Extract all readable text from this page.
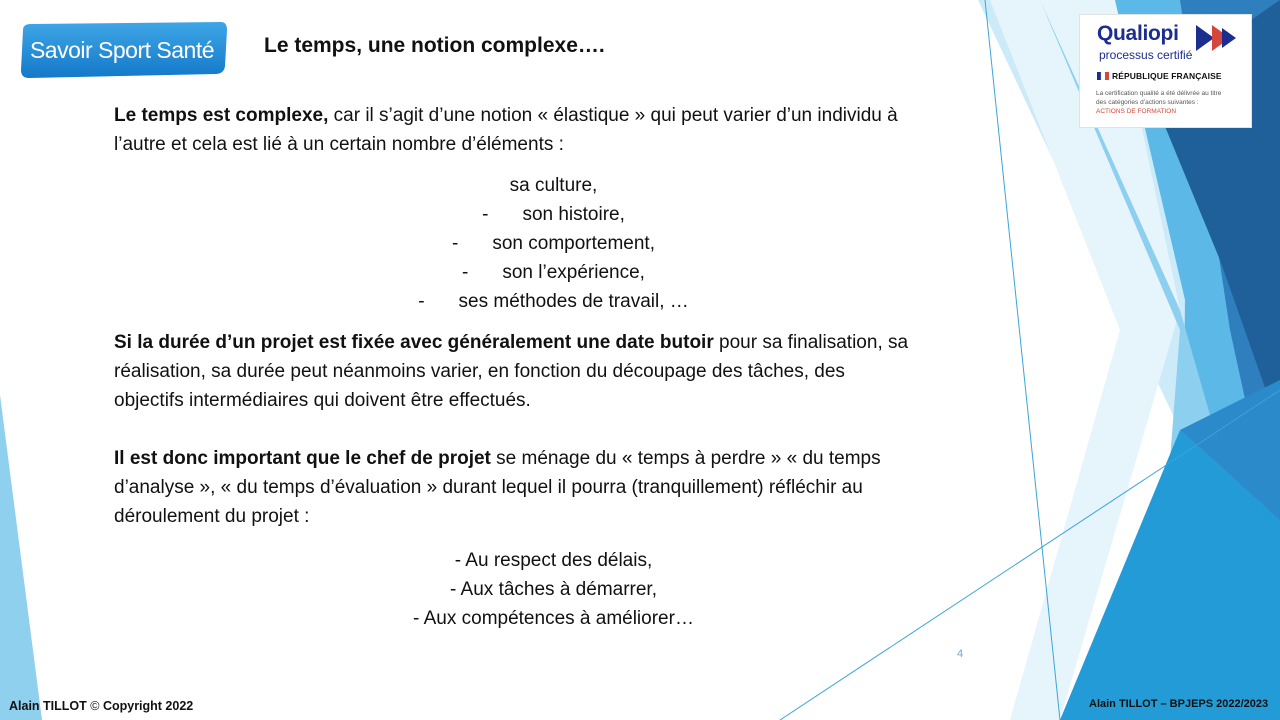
Savoir Sport Santé	Le temps, une notion complexe….
Qualiopi
processus certifié
RÉPUBLIQUE FRANÇAISE
La certification qualité a été délivrée au titre
des catégories d’actions suivantes :
ACTIONS DE FORMATION

Le temps est complexe, car il s’agit d’une notion « élastique » qui peut varier d’un individu à

l’autre et cela est lié à un certain nombre d’éléments :

sa culture,

- son histoire,

- son comportement,

- son l’expérience,

- ses méthodes de travail, …

Si la durée d’un projet est fixée avec généralement une date butoir pour sa finalisation, sa

réalisation, sa durée peut néanmoins varier, en fonction du découpage des tâches, des

objectifs intermédiaires qui doivent être effectués.

Il est donc important que le chef de projet se ménage du « temps à perdre » « du temps

d’analyse », « du temps d’évaluation » durant lequel il pourra (tranquillement) réfléchir au

déroulement du projet :

- Au respect des délais,

- Aux tâches à démarrer,

- Aux compétences à améliorer…

4
Alain TILLOT © Copyright 2022	Alain TILLOT – BPJEPS 2022/2023
